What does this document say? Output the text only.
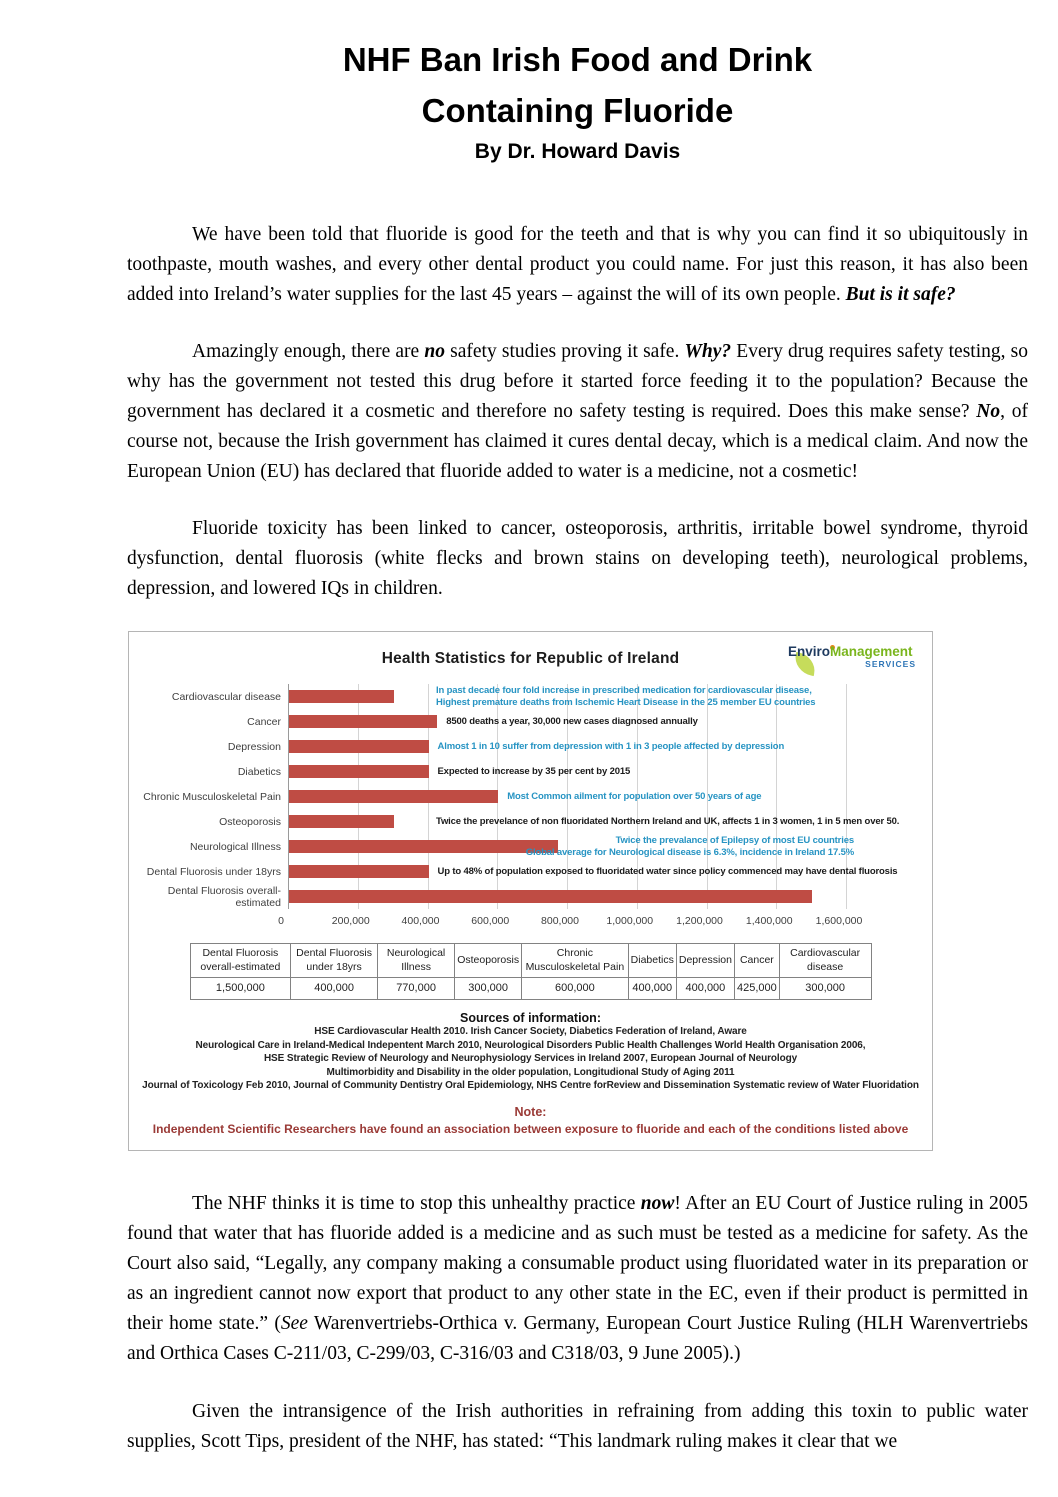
NHF Ban Irish Food and Drink
Containing Fluoride
By Dr. Howard Davis

We have been told that fluoride is good for the teeth and that is why you can find it so ubiquitously in toothpaste, mouth washes, and every other dental product you could name. For just this reason, it has also been added into Ireland’s water supplies for the last 45 years – against the will of its own people. But is it safe?

Amazingly enough, there are no safety studies proving it safe. Why? Every drug requires safety testing, so why has the government not tested this drug before it started force feeding it to the population? Because the government has declared it a cosmetic and therefore no safety testing is required. Does this make sense? No, of course not, because the Irish government has claimed it cures dental decay, which is a medical claim. And now the European Union (EU) has declared that fluoride added to water is a medicine, not a cosmetic!

Fluoride toxicity has been linked to cancer, osteoporosis, arthritis, irritable bowel syndrome, thyroid dysfunction, dental fluorosis (white flecks and brown stains on developing teeth), neurological problems, depression, and lowered IQs in children.

EnviroManagement
SERVICES
Health Statistics for Republic of Ireland
Cardiovascular disease	In past decade four fold increase in prescribed medication for cardiovascular disease,
Highest premature deaths from Ischemic Heart Disease in the 25 member EU countries
Cancer	8500 deaths a year, 30,000 new cases diagnosed annually
Depression	Almost 1 in 10 suffer from depression with 1 in 3 people affected by depression
Diabetics	Expected to increase by 35 per cent by 2015
Chronic Musculoskeletal Pain	Most Common ailment for population over 50 years of age
Osteoporosis	Twice the prevelance of non fluoridated Northern Ireland and UK, affects 1 in 3 women, 1 in 5 men over 50.
Neurological Illness	Twice the prevalance of Epilepsy of most EU countries
Global average for Neurological disease is 6.3%, incidence in Ireland 17.5%
Dental Fluorosis under 18yrs	Up to 48% of population exposed to fluoridated water since policy commenced may have dental fluorosis
Dental Fluorosis overall-estimated
0	200,000	400,000	600,000	800,000	1,000,000 1,200,000 1,400,000 1,600,000
Dental Fluorosis overall-estimated	Dental Fluorosis under 18yrs	Neurological Illness	Osteoporosis	Chronic Musculoskeletal Pain	Diabetics	Depression	Cancer	Cardiovascular disease
1,500,000	400,000	770,000	300,000	600,000	400,000	400,000	425,000	300,000
Sources of information:
HSE Cardiovascular Health 2010. Irish Cancer Society, Diabetics Federation of Ireland, Aware
Neurological Care in Ireland-Medical Indepentent March 2010, Neurological Disorders Public Health Challenges World Health Organisation 2006,
HSE Strategic Review of Neurology and Neurophysiology Services in Ireland 2007, European Journal of Neurology
Multimorbidity and Disability in the older population, Longitudional Study of Aging 2011
Journal of Toxicology Feb 2010, Journal of Community Dentistry Oral Epidemiology, NHS Centre forReview and Dissemination Systematic review of Water Fluoridation
Note:
Independent Scientific Researchers have found an association between exposure to fluoride and each of the conditions listed above

The NHF thinks it is time to stop this unhealthy practice now! After an EU Court of Justice ruling in 2005 found that water that has fluoride added is a medicine and as such must be tested as a medicine for safety. As the Court also said, “Legally, any company making a consumable product using fluoridated water in its preparation or as an ingredient cannot now export that product to any other state in the EC, even if their product is permitted in their home state.” (See Warenvertriebs-Orthica v. Germany, European Court Justice Ruling (HLH Warenvertriebs and Orthica Cases C-211/03, C-299/03, C-316/03 and C318/03, 9 June 2005).)

Given the intransigence of the Irish authorities in refraining from adding this toxin to public water supplies, Scott Tips, president of the NHF, has stated: “This landmark ruling makes it clear that we
